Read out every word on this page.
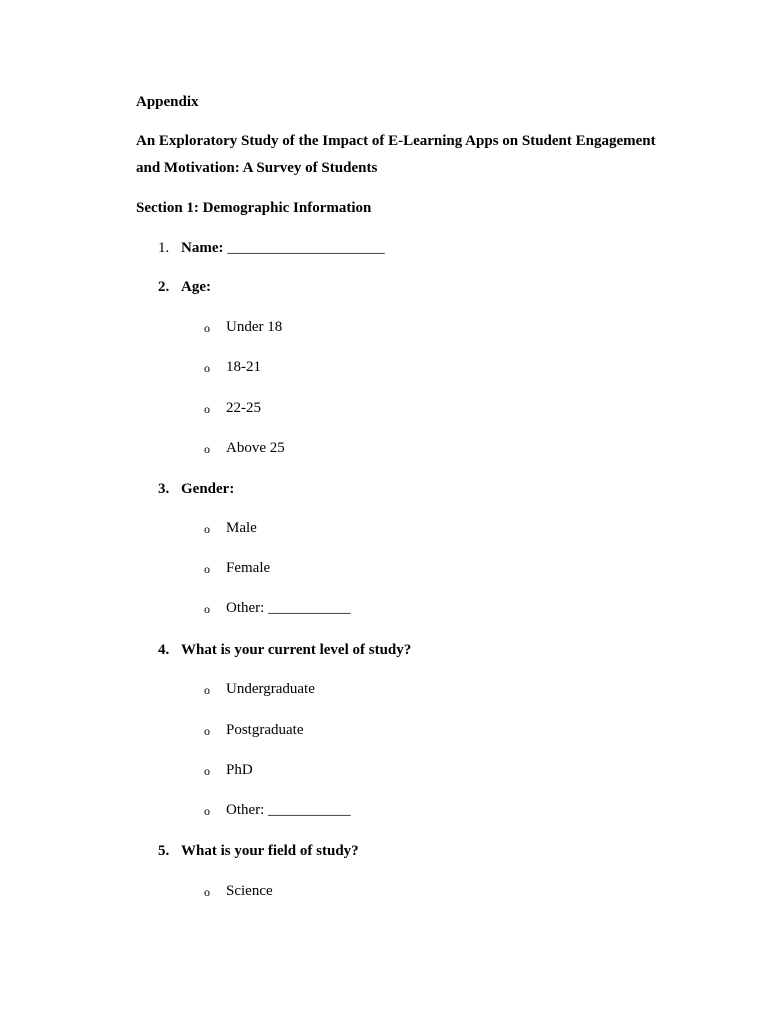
Appendix
An Exploratory Study of the Impact of E-Learning Apps on Student Engagement
and Motivation: A Survey of Students
Section 1: Demographic Information
1. Name: _____________________
2. Age:
o Under 18
o 18-21
o 22-25
o Above 25
3. Gender:
o Male
o Female
o Other: ___________
4. What is your current level of study?
o Undergraduate
o Postgraduate
o PhD
o Other: ___________
5. What is your field of study?
o Science
